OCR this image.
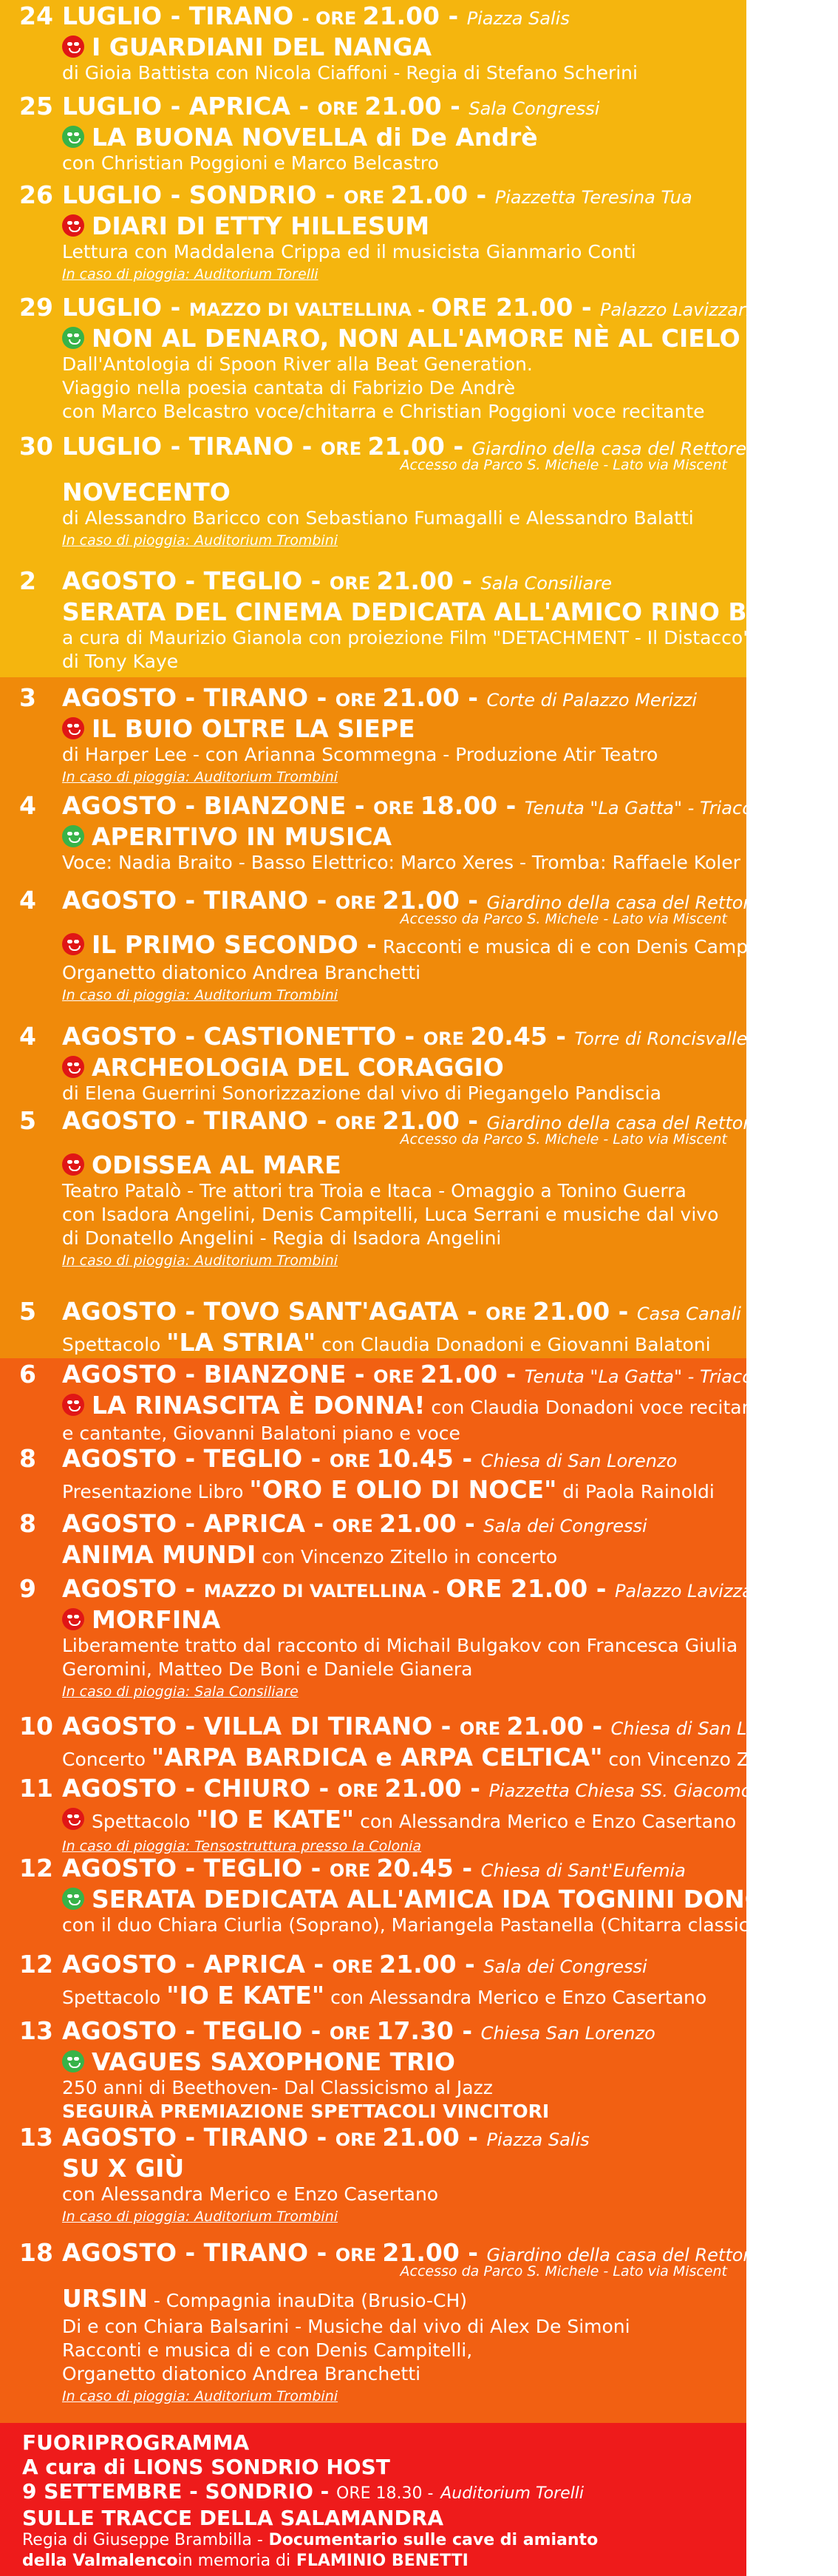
24 LUGLIO - TIRANO - ORE 21.00 - Piazza Salis
I GUARDIANI DEL NANGA
di Gioia Battista con Nicola Ciaffoni - Regia di Stefano Scherini
25 LUGLIO - APRICA - ORE 21.00 - Sala Congressi
LA BUONA NOVELLA di De Andrè
con Christian Poggioni e Marco Belcastro
26 LUGLIO - SONDRIO - ORE 21.00 - Piazzetta Teresina Tua
DIARI DI ETTY HILLESUM
Lettura con Maddalena Crippa ed il musicista Gianmario Conti
In caso di pioggia: Auditorium Torelli
29 LUGLIO - MAZZO DI VALTELLINA - ORE 21.00 - Palazzo Lavizzari
NON AL DENARO, NON ALL'AMORE NÈ AL CIELO
Dall'Antologia di Spoon River alla Beat Generation.
Viaggio nella poesia cantata di Fabrizio De Andrè
con Marco Belcastro voce/chitarra e Christian Poggioni voce recitante
30
Accesso da Parco S. Michele - Lato via Miscent
LUGLIO - TIRANO - ORE 21.00 - Giardino della casa del Rettore
NOVECENTO
di Alessandro Baricco con Sebastiano Fumagalli e Alessandro Balatti
In caso di pioggia: Auditorium Trombini
2 AGOSTO - TEGLIO - ORE 21.00 - Sala Consiliare
SERATA DEL CINEMA DEDICATA ALL'AMICO RINO BERTINI
a cura di Maurizio Gianola con proiezione Film "DETACHMENT - Il Distacco"
di Tony Kaye
3 AGOSTO - TIRANO - ORE 21.00 - Corte di Palazzo Merizzi
IL BUIO OLTRE LA SIEPE
di Harper Lee - con Arianna Scommegna - Produzione Atir Teatro
In caso di pioggia: Auditorium Trombini
4 AGOSTO - BIANZONE - ORE 18.00 - Tenuta "La Gatta" - Triacca
APERITIVO IN MUSICA
Voce: Nadia Braito - Basso Elettrico: Marco Xeres - Tromba: Raffaele Koler
4
Accesso da Parco S. Michele - Lato via Miscent
AGOSTO - TIRANO - ORE 21.00 - Giardino della casa del Rettore
IL PRIMO SECONDO - Racconti e musica di e con Denis Campitelli
Organetto diatonico Andrea Branchetti
In caso di pioggia: Auditorium Trombini
4 AGOSTO - CASTIONETTO - ORE 20.45 - Torre di Roncisvalle
ARCHEOLOGIA DEL CORAGGIO
di Elena Guerrini Sonorizzazione dal vivo di Piegangelo Pandiscia
5
Accesso da Parco S. Michele - Lato via Miscent
AGOSTO - TIRANO - ORE 21.00 - Giardino della casa del Rettore
ODISSEA AL MARE
Teatro Patalò - Tre attori tra Troia e Itaca - Omaggio a Tonino Guerra
con Isadora Angelini, Denis Campitelli, Luca Serrani e musiche dal vivo
di Donatello Angelini - Regia di Isadora Angelini
In caso di pioggia: Auditorium Trombini
5 AGOSTO - TOVO SANT'AGATA - ORE 21.00 - Casa Canali
Spettacolo "LA STRIA" con Claudia Donadoni e Giovanni Balatoni
6 AGOSTO - BIANZONE - ORE 21.00 - Tenuta "La Gatta" - Triacca
LA RINASCITA È DONNA! con Claudia Donadoni voce recitante
e cantante, Giovanni Balatoni piano e voce
8 AGOSTO - TEGLIO - ORE 10.45 - Chiesa di San Lorenzo
Presentazione Libro "ORO E OLIO DI NOCE" di Paola Rainoldi
8 AGOSTO - APRICA - ORE 21.00 - Sala dei Congressi
ANIMA MUNDI con Vincenzo Zitello in concerto
9 AGOSTO - MAZZO DI VALTELLINA - ORE 21.00 - Palazzo Lavizzari
MORFINA
Liberamente tratto dal racconto di Michail Bulgakov con Francesca Giulia
Geromini, Matteo De Boni e Daniele Gianera
In caso di pioggia: Sala Consiliare
10 AGOSTO - VILLA DI TIRANO - ORE 21.00 - Chiesa di San Lorenzo
Concerto "ARPA BARDICA e ARPA CELTICA" con Vincenzo Zitello
11 AGOSTO - CHIURO - ORE 21.00 - Piazzetta Chiesa SS. Giacomo e Andrea
Spettacolo "IO E KATE" con Alessandra Merico e Enzo Casertano
In caso di pioggia: Tensostruttura presso la Colonia
12 AGOSTO - TEGLIO - ORE 20.45 - Chiesa di Sant'Eufemia
SERATA DEDICATA ALL'AMICA IDA TOGNINI DONCHI
con il duo Chiara Ciurlia (Soprano), Mariangela Pastanella (Chitarra classica)
12 AGOSTO - APRICA - ORE 21.00 - Sala dei Congressi
Spettacolo "IO E KATE" con Alessandra Merico e Enzo Casertano
13 AGOSTO - TEGLIO - ORE 17.30 - Chiesa San Lorenzo
VAGUES SAXOPHONE TRIO
250 anni di Beethoven- Dal Classicismo al Jazz
SEGUIRÀ PREMIAZIONE SPETTACOLI VINCITORI
13 AGOSTO - TIRANO - ORE 21.00 - Piazza Salis
SU X GIÙ
con Alessandra Merico e Enzo Casertano
In caso di pioggia: Auditorium Trombini
18
Accesso da Parco S. Michele - Lato via Miscent
AGOSTO - TIRANO - ORE 21.00 - Giardino della casa del Rettore
URSIN - Compagnia inauDita (Brusio-CH)
Di e con Chiara Balsarini - Musiche dal vivo di Alex De Simoni
Racconti e musica di e con Denis Campitelli,
Organetto diatonico Andrea Branchetti
In caso di pioggia: Auditorium Trombini
FUORIPROGRAMMA
A cura di LIONS SONDRIO HOST
9 SETTEMBRE - SONDRIO - ORE 18.30 - Auditorium Torelli
SULLE TRACCE DELLA SALAMANDRA
Regia di Giuseppe Brambilla - Documentario sulle cave di amianto
della Valmalencoin memoria di FLAMINIO BENETTI
